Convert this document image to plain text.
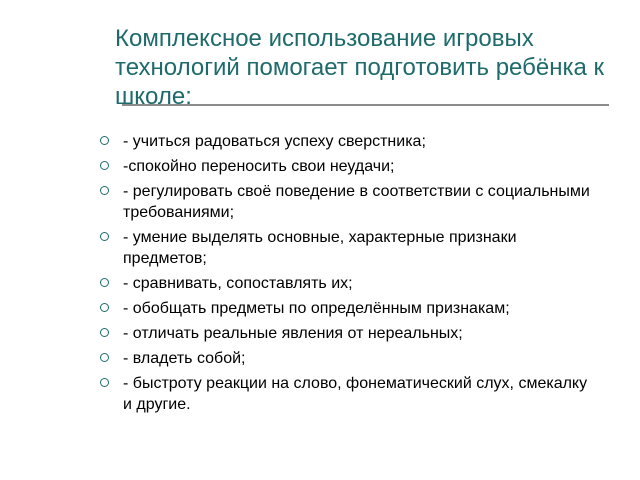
Комплексное использование игровых технологий помогает подготовить ребёнка к школе:
- учиться радоваться успеху сверстника;
-спокойно переносить свои неудачи;
- регулировать своё поведение в соответствии с социальными требованиями;
- умение выделять основные, характерные признаки предметов;
- сравнивать, сопоставлять их;
- обобщать предметы по определённым признакам;
- отличать реальные явления от нереальных;
- владеть собой;
- быстроту реакции на слово, фонематический слух, смекалку и другие.
